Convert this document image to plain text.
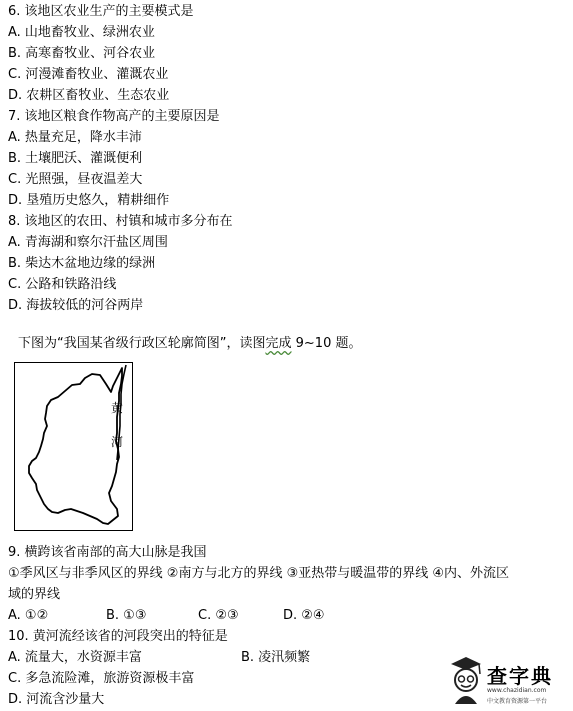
6. 该地区农业生产的主要模式是
A. 山地畜牧业、绿洲农业
B. 高寒畜牧业、河谷农业
C. 河漫滩畜牧业、灌溉农业
D. 农耕区畜牧业、生态农业
7. 该地区粮食作物高产的主要原因是
A. 热量充足，降水丰沛
B. 土壤肥沃、灌溉便利
C. 光照强，昼夜温差大
D. 垦殖历史悠久，精耕细作
8. 该地区的农田、村镇和城市多分布在
A. 青海湖和察尔汗盐区周围
B. 柴达木盆地边缘的绿洲
C. 公路和铁路沿线
D. 海拔较低的河谷两岸
下图为“我国某省级行政区轮廓简图”，读图完成 9~10 题。
黄
河
9. 横跨该省南部的高大山脉是我国
①季风区与非季风区的界线 ②南方与北方的界线 ③亚热带与暖温带的界线 ④内、外流区
域的界线
A. ①②	B. ①③	C. ②③	D. ②④
10. 黄河流经该省的河段突出的特征是
A. 流量大，水资源丰富	B. 凌汛频繁
C. 多急流险滩，旅游资源极丰富
D. 河流含沙量大
查字典
www.chazidian.com
中文教育资源第一平台
